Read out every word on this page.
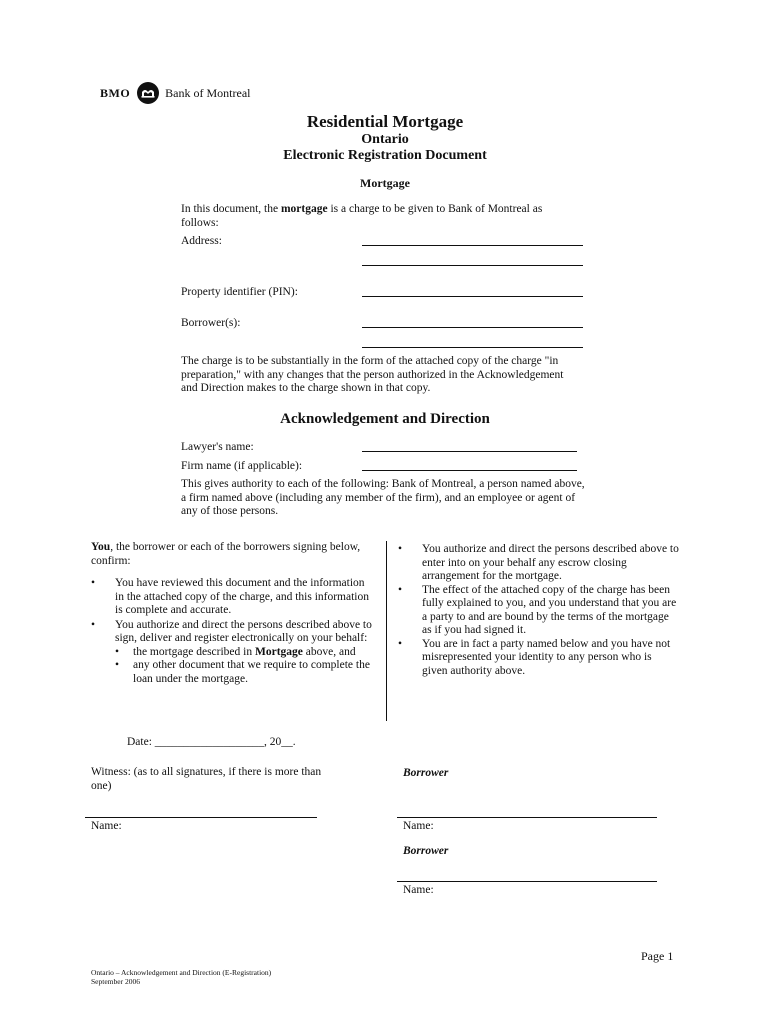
BMO	Bank of Montreal
Residential Mortgage
Ontario
Electronic Registration Document
Mortgage
In this document, the mortgage is a charge to be given to Bank of Montreal as follows:
Address:
Property identifier (PIN):
Borrower(s):
The charge is to be substantially in the form of the attached copy of the charge "in preparation," with any changes that the person authorized in the Acknowledgement and Direction makes to the charge shown in that copy.
Acknowledgement and Direction
Lawyer's name:
Firm name (if applicable):
This gives authority to each of the following: Bank of Montreal, a person named above, a firm named above (including any member of the firm), and an employee or agent of any of those persons.
You, the borrower or each of the borrowers signing below, confirm:
• You have reviewed this document and the information in the attached copy of the charge, and this information is complete and accurate.
• You authorize and direct the persons described above to sign, deliver and register electronically on your behalf:
• the mortgage described in Mortgage above, and
• any other document that we require to complete the loan under the mortgage.
• You authorize and direct the persons described above to enter into on your behalf any escrow closing arrangement for the mortgage.
• The effect of the attached copy of the charge has been fully explained to you, and you understand that you are a party to and are bound by the terms of the mortgage as if you had signed it.
• You are in fact a party named below and you have not misrepresented your identity to any person who is given authority above.
Date: ___________________, 20__.
Witness: (as to all signatures, if there is more than one)
Borrower
Name:	Name:
Borrower
Name:
Page 1
Ontario – Acknowledgement and Direction (E-Registration)
September 2006
